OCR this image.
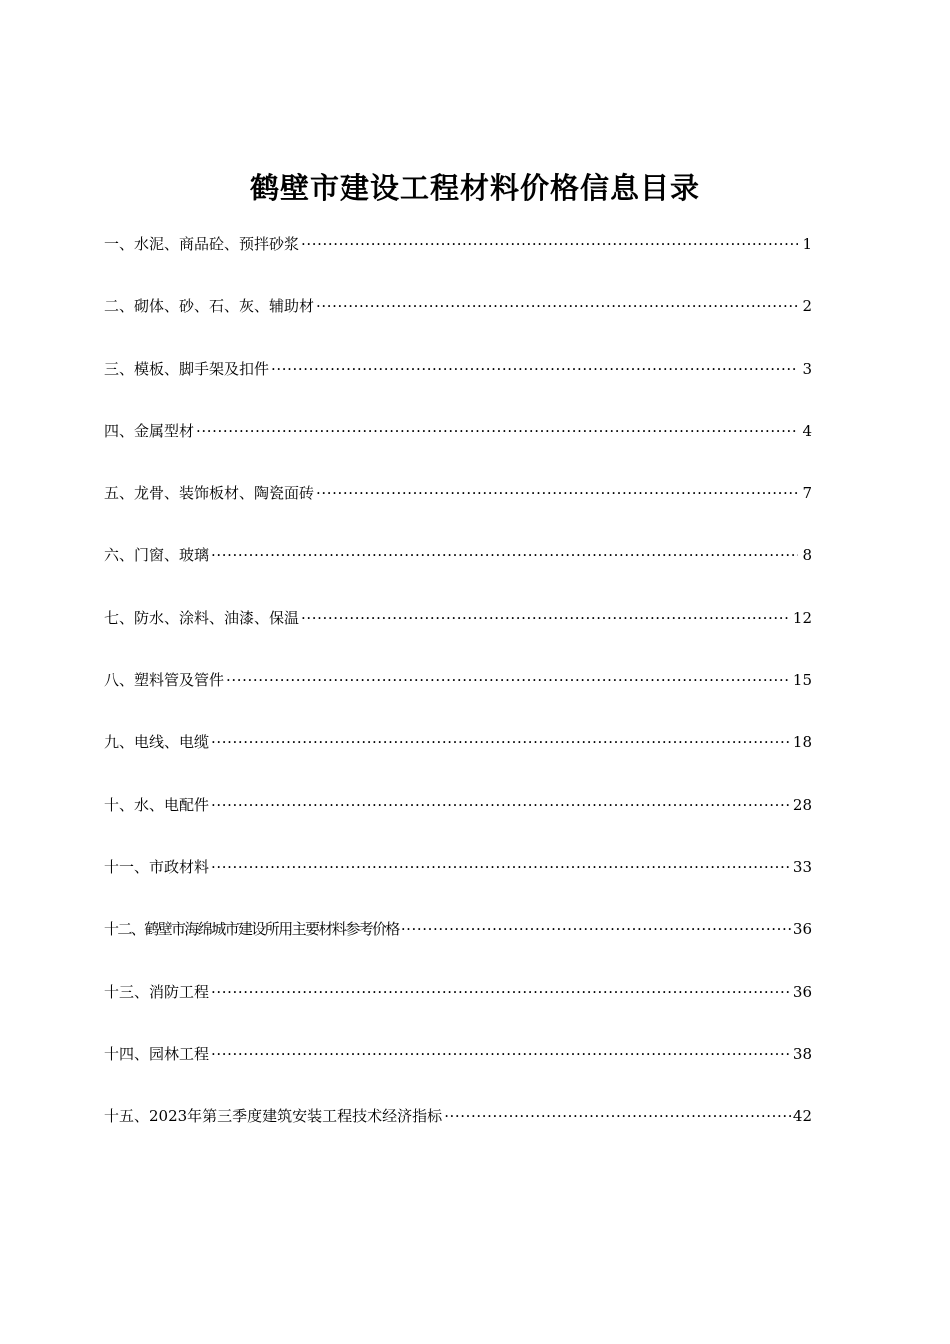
鹤壁市建设工程材料价格信息目录
一、水泥、商品砼、预拌砂浆 ·····	1
二、砌体、砂、石、灰、辅助材 ·····	2
三、模板、脚手架及扣件 ·····	3
四、金属型材 ·····	4
五、龙骨、装饰板材、陶瓷面砖 ·····	7
六、门窗、玻璃 ·····	8
七、防水、涂料、油漆、保温 ·····	12
八、塑料管及管件 ·····	15
九、电线、电缆 ·····	18
十、水、电配件 ·····	28
十一、市政材料 ·····	33
十二、鹤壁市海绵城市建设所用主要材料参考价格 ·····	36
十三、消防工程 ·····	36
十四、园林工程 ·····	38
十五、2023年第三季度建筑安装工程技术经济指标 ·····	42
